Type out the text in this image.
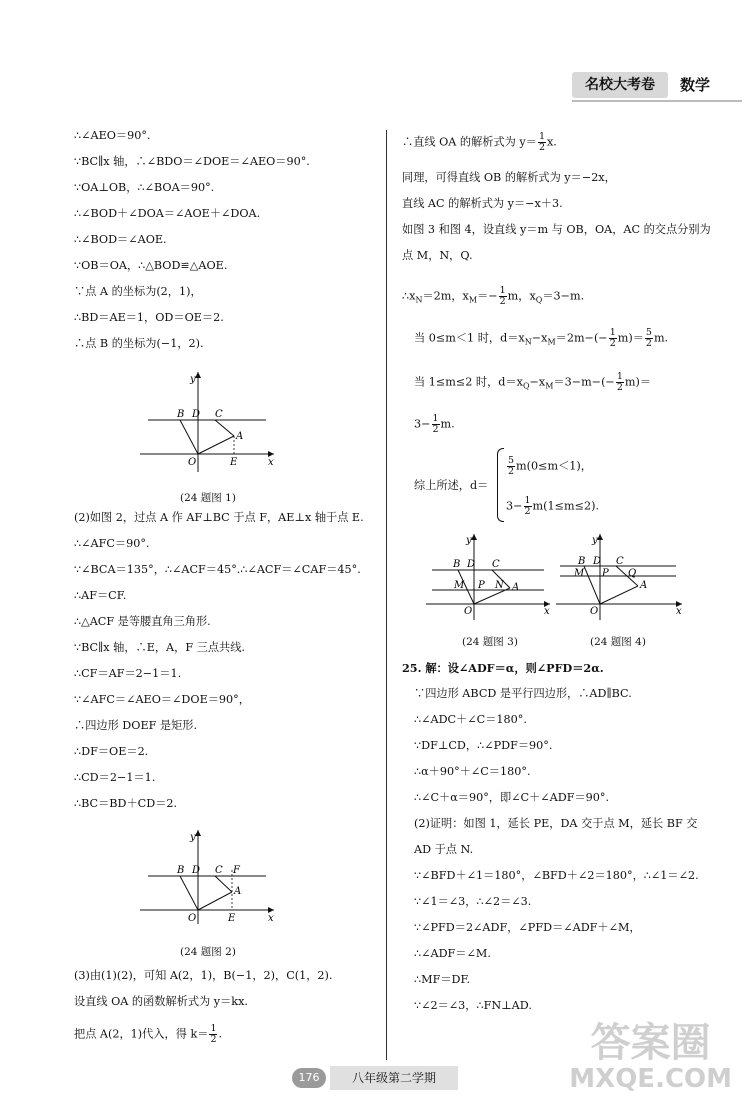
名校大考卷	数学
∴∠AEO＝90°.
∵BC∥x 轴，∴∠BDO＝∠DOE＝∠AEO＝90°.
∵OA⊥OB，∴∠BOA＝90°.
∴∠BOD＋∠DOA＝∠AOE＋∠DOA.
∴∠BOD＝∠AOE.
∵OB＝OA，∴△BOD≌△AOE.
∵点 A 的坐标为(2，1)，
∴BD＝AE＝1，OD＝OE＝2.
∴点 B 的坐标为(−1，2).
y
x
O
B D C
A
E
(24 题图 1)
(2)如图 2，过点 A 作 AF⊥BC 于点 F，AE⊥x 轴于点 E.
∴∠AFC＝90°.
∵∠BCA＝135°，∴∠ACF＝45°.∴∠ACF＝∠CAF＝45°.
∴AF＝CF.
∴△ACF 是等腰直角三角形.
∵BC∥x 轴，∴E，A，F 三点共线.
∴CF＝AF＝2−1＝1.
∵∠AFC＝∠AEO＝∠DOE＝90°，
∴四边形 DOEF 是矩形.
∴DF＝OE＝2.
∴CD＝2−1＝1.
∴BC＝BD＋CD＝2.
y
x
O
B D C F
A
E
(24 题图 2)
(3)由(1)(2)，可知 A(2，1)，B(−1，2)，C(1，2).
设直线 OA 的函数解析式为 y＝kx.
把点 A(2，1)代入，得 $k= \frac{1}{2}$ .
∴直线 OA 的解析式为 $y= \frac{1}{2} x$.
同理，可得直线 OB 的解析式为 y＝−2x，
直线 AC 的解析式为 y＝−x＋3.
如图 3 和图 4，设直线 y＝m 与 OB，OA，AC 的交点分别为
点 M，N，Q.
$\therefore x_N=2m$，$x_M=- \frac{1}{2}$ m，$x_Q=3-m$.
当 0≤m＜1 时，$d=x_N-x_M=2m-(- \frac{1}{2} m)= \frac{5}{2} m$.
当 1≤m≤2 时，$d=x_Q-x_M=3-m-(- \frac{1}{2} m)=$
$3- \frac{1}{2} m$.
综上所述，d＝
$\frac{5}{2} m(0\le m<1)$，
$3- \frac{1}{2} m(1\le m\le 2)$.
y
x
O
B D C
M P N A
(24 题图 3)
y
x
O
B D C
M P Q
A
(24 题图 4)
25. 解：设∠ADF＝α，则∠PFD＝2α.
∵四边形 ABCD 是平行四边形，∴AD∥BC.
∴∠ADC＋∠C＝180°.
∵DF⊥CD，∴∠PDF＝90°.
∴α＋90°＋∠C＝180°.
∴∠C＋α＝90°，即∠C＋∠ADF＝90°.
(2)证明：如图 1，延长 PE，DA 交于点 M，延长 BF 交
AD 于点 N.
∵∠BFD＋∠1＝180°，∠BFD＋∠2＝180°，∴∠1＝∠2.
∵∠1＝∠3，∴∠2＝∠3.
∵∠PFD＝2∠ADF，∠PFD＝∠ADF＋∠M，
∴∠ADF＝∠M.
∴MF＝DF.
∵∠2＝∠3，∴FN⊥AD.
176	八年级第二学期
答案圈
MXQE.COM
